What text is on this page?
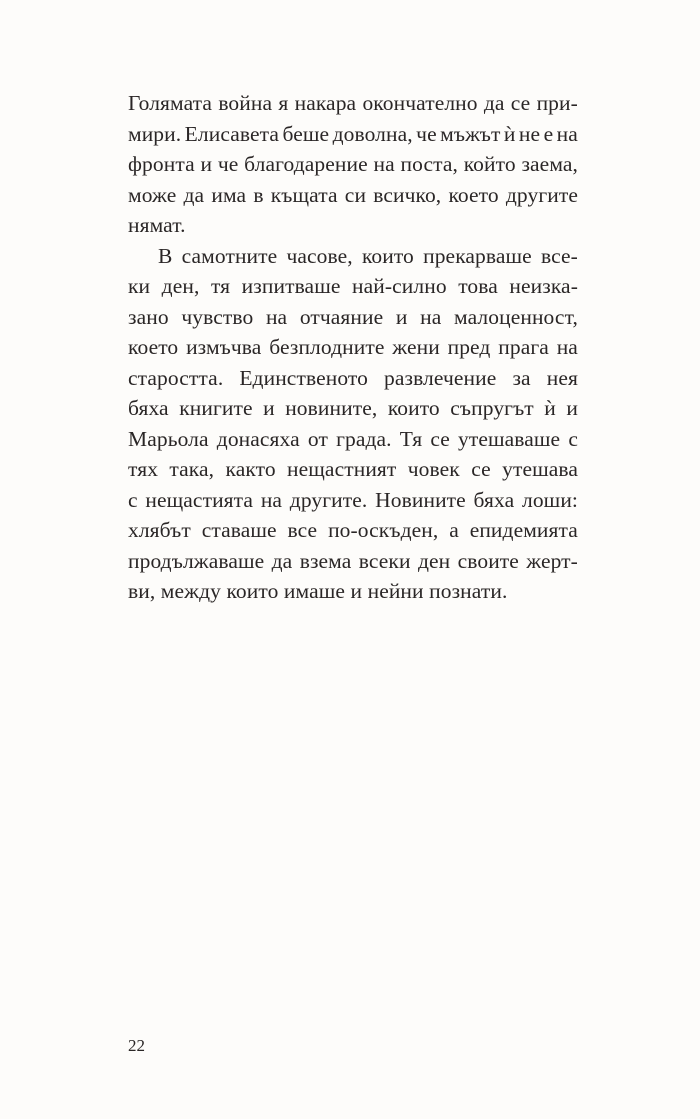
Голямата война я накара окончателно да се при-
мири. Елисавета беше доволна, че мъжът ѝ не е на
фронта и че благодарение на поста, който заема,
може да има в къщата си всичко, което другите
нямат.
В самотните часове, които прекарваше все-
ки ден, тя изпитваше най-силно това неизка-
зано чувство на отчаяние и на малоценност,
което измъчва безплодните жени пред прага на
старостта. Единственото развлечение за нея
бяха книгите и новините, които съпругът ѝ и
Марьола донасяха от града. Тя се утешаваше с
тях така, както нещастният човек се утешава
с нещастията на другите. Новините бяха лоши:
хлябът ставаше все по-оскъден, а епидемията
продължаваше да взема всеки ден своите жерт-
ви, между които имаше и нейни познати.
22
